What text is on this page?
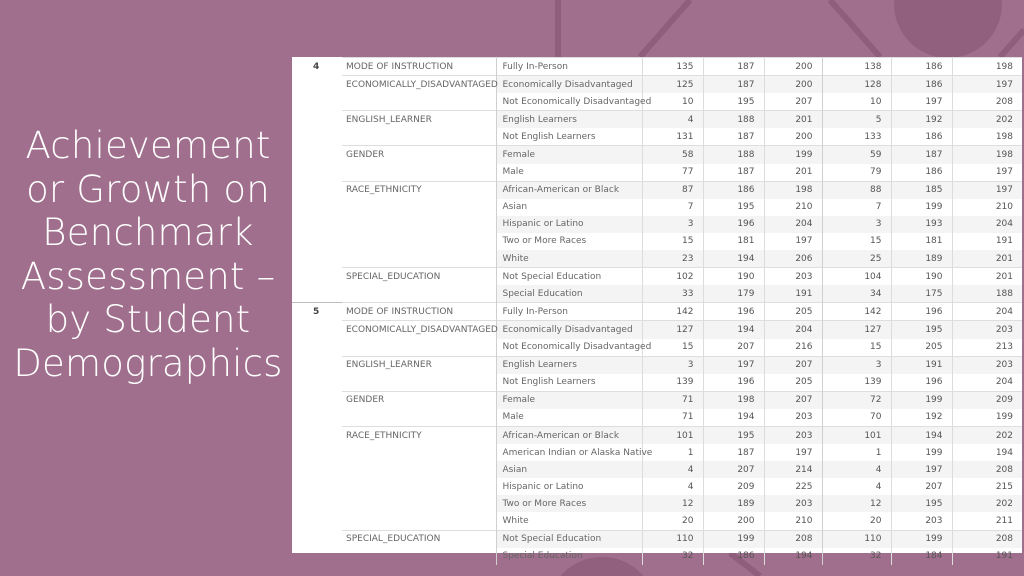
Achievement
or Growth on
Benchmark
Assessment –
by Student
Demographics
4	MODE OF INSTRUCTION	Fully In-Person	135	187	200	138	186	198
	ECONOMICALLY_DISADVANTAGED	Economically Disadvantaged	125	187	200	128	186	197
		Not Economically Disadvantaged	10	195	207	10	197	208
	ENGLISH_LEARNER	English Learners	4	188	201	5	192	202
		Not English Learners	131	187	200	133	186	198
	GENDER	Female	58	188	199	59	187	198
		Male	77	187	201	79	186	197
	RACE_ETHNICITY	African-American or Black	87	186	198	88	185	197
		Asian	7	195	210	7	199	210
		Hispanic or Latino	3	196	204	3	193	204
		Two or More Races	15	181	197	15	181	191
		White	23	194	206	25	189	201
	SPECIAL_EDUCATION	Not Special Education	102	190	203	104	190	201
		Special Education	33	179	191	34	175	188
5	MODE OF INSTRUCTION	Fully In-Person	142	196	205	142	196	204
	ECONOMICALLY_DISADVANTAGED	Economically Disadvantaged	127	194	204	127	195	203
		Not Economically Disadvantaged	15	207	216	15	205	213
	ENGLISH_LEARNER	English Learners	3	197	207	3	191	203
		Not English Learners	139	196	205	139	196	204
	GENDER	Female	71	198	207	72	199	209
		Male	71	194	203	70	192	199
	RACE_ETHNICITY	African-American or Black	101	195	203	101	194	202
		American Indian or Alaska Native	1	187	197	1	199	194
		Asian	4	207	214	4	197	208
		Hispanic or Latino	4	209	225	4	207	215
		Two or More Races	12	189	203	12	195	202
		White	20	200	210	20	203	211
	SPECIAL_EDUCATION	Not Special Education	110	199	208	110	199	208
		Special Education	32	186	194	32	184	191
